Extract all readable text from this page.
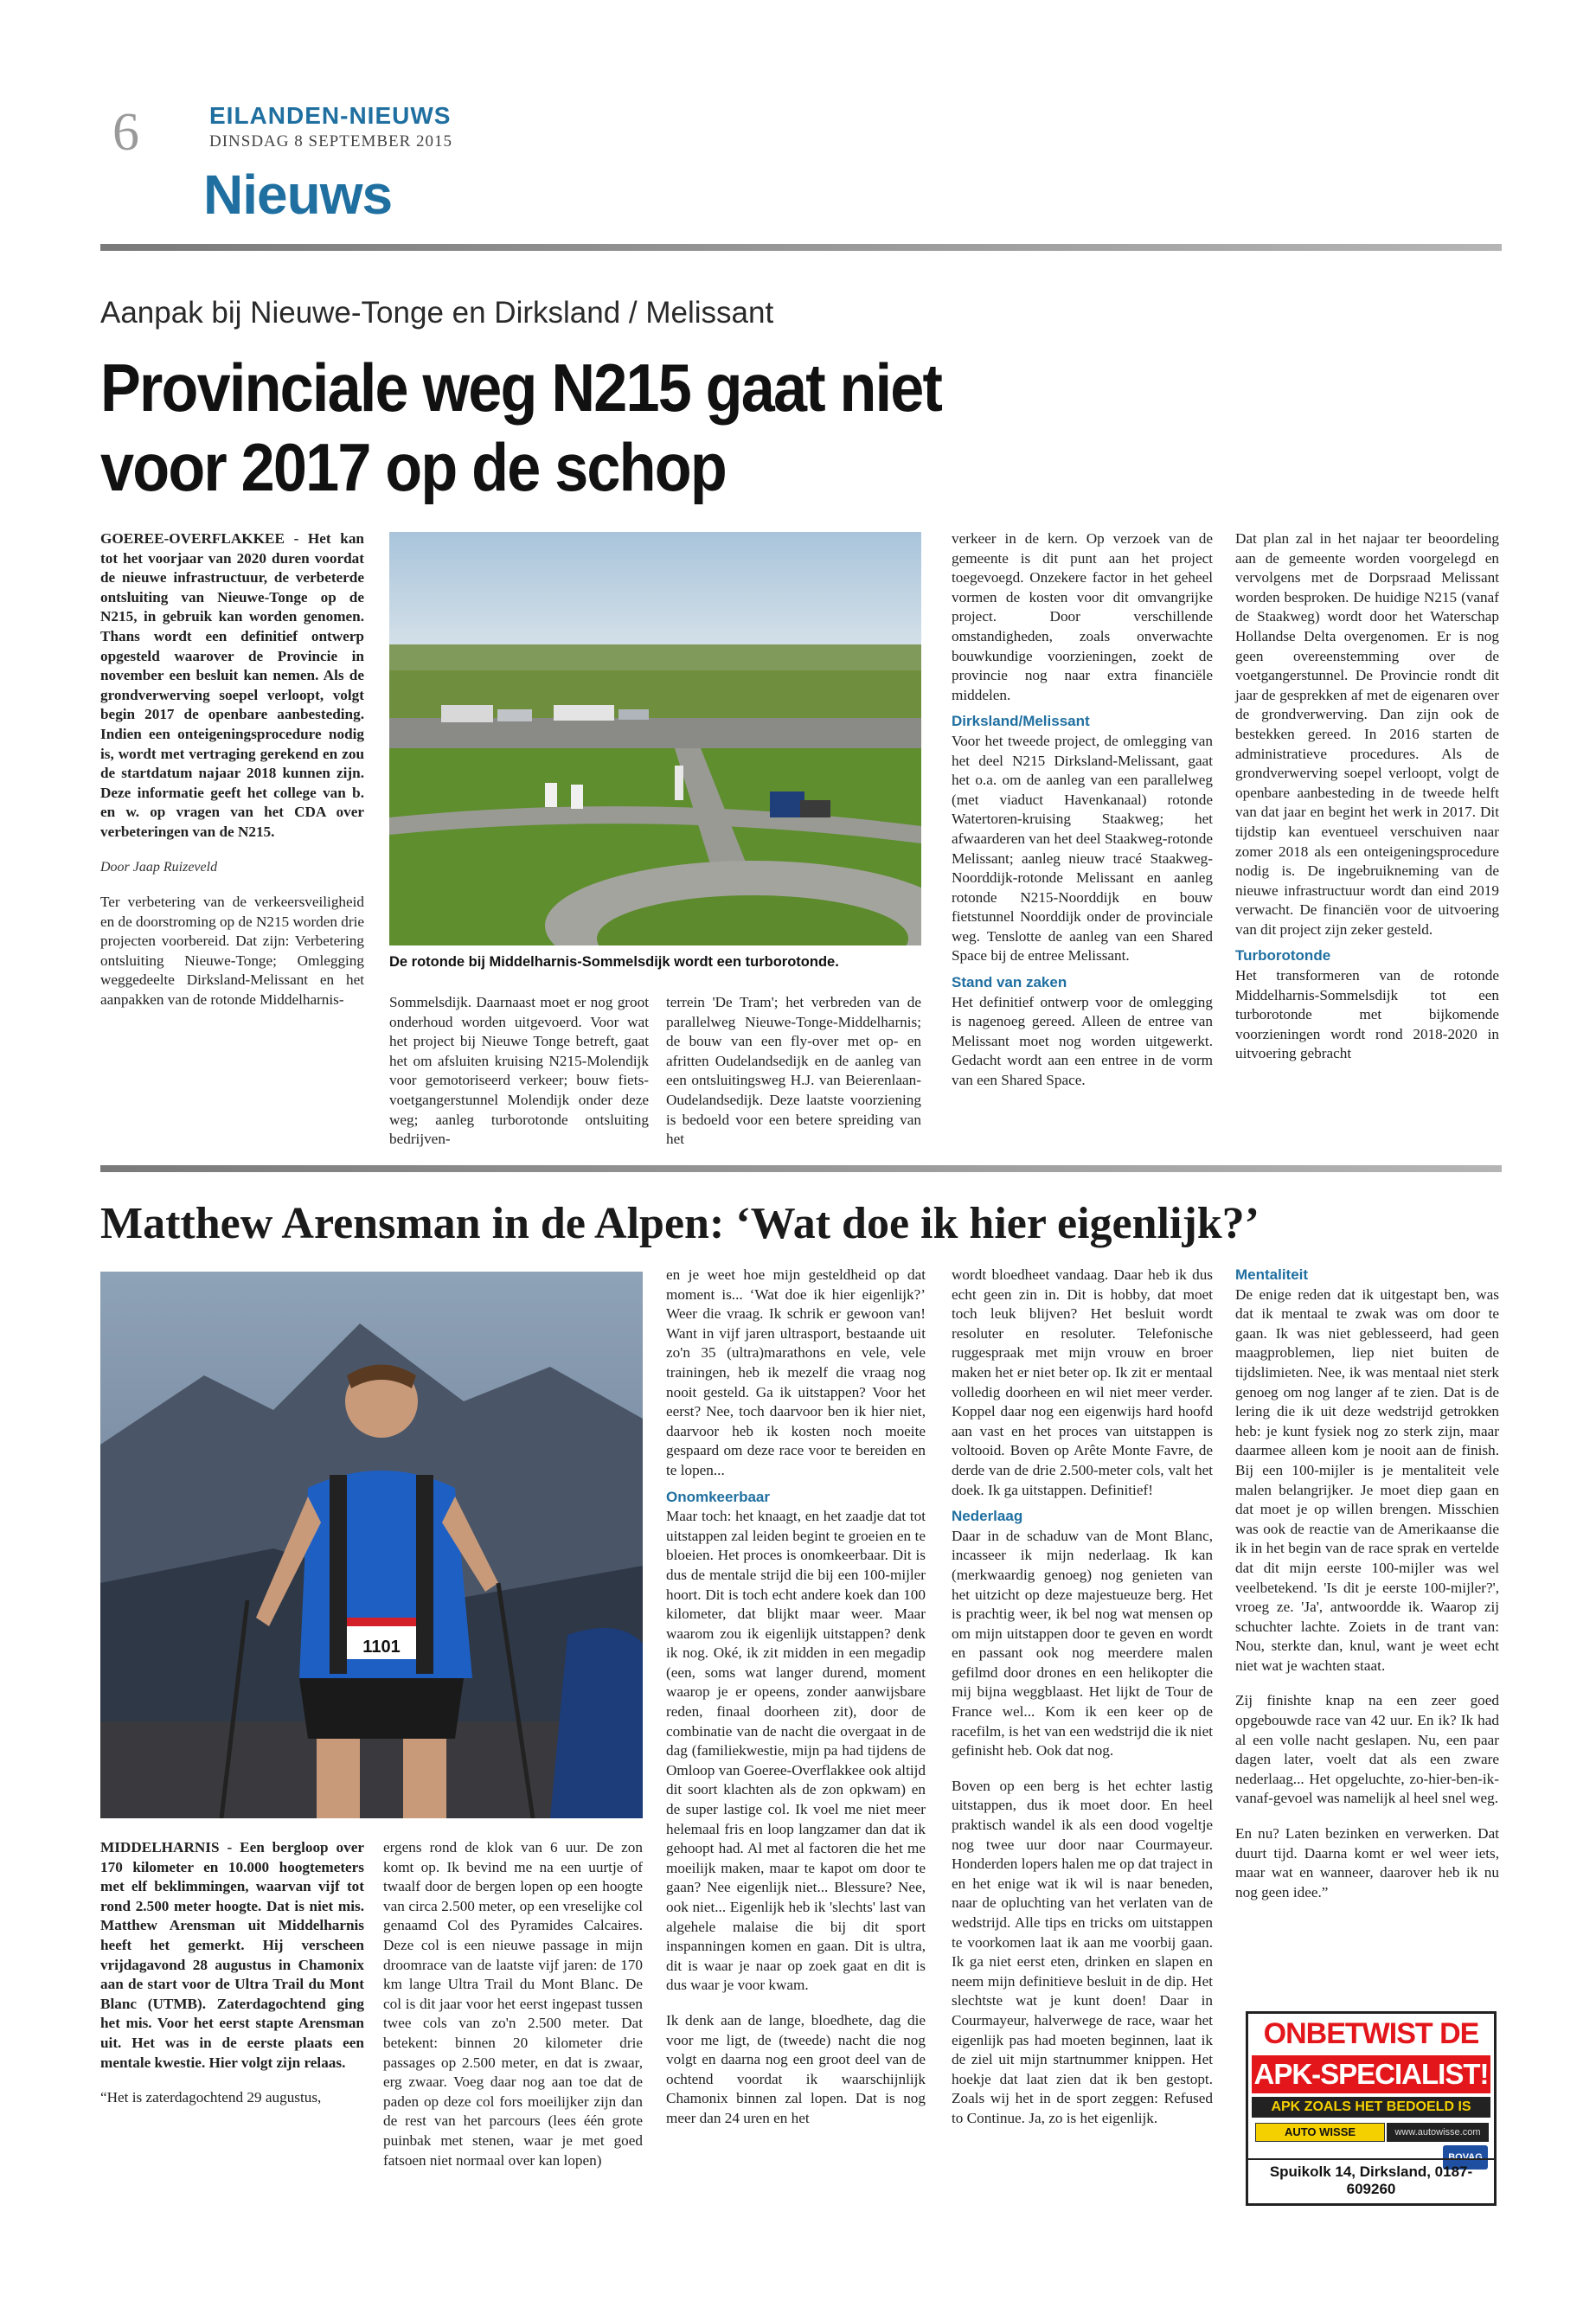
6	EILANDEN-NIEUWS
DINSDAG 8 SEPTEMBER 2015
Nieuws
Aanpak bij Nieuwe-Tonge en Dirksland / Melissant
Provinciale weg N215 gaat niet
voor 2017 op de schop

GOEREE-OVERFLAKKEE - Het kan tot het voorjaar van 2020 duren voordat de nieuwe infrastructuur, de verbeterde ontsluiting van Nieuwe-Tonge op de N215, in gebruik kan worden genomen. Thans wordt een definitief ontwerp opgesteld waarover de Provincie in november een besluit kan nemen. Als de grondverwerving soepel verloopt, volgt begin 2017 de openbare aanbesteding. Indien een onteigeningsprocedure nodig is, wordt met vertraging gerekend en zou de startdatum najaar 2018 kunnen zijn. Deze informatie geeft het college van b. en w. op vragen van het CDA over verbeteringen van de N215.

Door Jaap Ruizeveld

Ter verbetering van de verkeersveiligheid en de doorstroming op de N215 worden drie projecten voorbereid. Dat zijn: Verbetering ontsluiting Nieuwe-Tonge; Omlegging weggedeelte Dirksland-Melissant en het aanpakken van de rotonde Middelharnis-

De rotonde bij Middelharnis-Sommelsdijk wordt een turborotonde.
Sommelsdijk. Daarnaast moet er nog groot onderhoud worden uitgevoerd. Voor wat het project bij Nieuwe Tonge betreft, gaat het om afsluiten kruising N215-Molendijk voor gemotoriseerd verkeer; bouw fiets- voetgangerstunnel Molendijk onder deze weg; aanleg turborotonde ontsluiting bedrijven-
terrein 'De Tram'; het verbreden van de parallelweg Nieuwe-Tonge-Middelharnis; de bouw van een fly-over met op- en afritten Oudelandsedijk en de aanleg van een ontsluitingsweg H.J. van Beierenlaan-Oudelandsedijk. Deze laatste voorziening is bedoeld voor een betere spreiding van het

verkeer in de kern. Op verzoek van de gemeente is dit punt aan het project toegevoegd. Onzekere factor in het geheel vormen de kosten voor dit omvangrijke project. Door verschillende omstandigheden, zoals onverwachte bouwkundige voorzieningen, zoekt de provincie nog naar extra financiële middelen.

Dirksland/Melissant

Voor het tweede project, de omlegging van het deel N215 Dirksland-Melissant, gaat het o.a. om de aanleg van een parallelweg (met viaduct Havenkanaal) rotonde Watertoren-kruising Staakweg; het afwaarderen van het deel Staakweg-rotonde Melissant; aanleg nieuw tracé Staakweg-Noorddijk-rotonde Melissant en aanleg rotonde N215-Noorddijk en bouw fietstunnel Noorddijk onder de provinciale weg. Tenslotte de aanleg van een Shared Space bij de entree Melissant.

Stand van zaken

Het definitief ontwerp voor de omlegging is nagenoeg gereed. Alleen de entree van Melissant moet nog worden uitgewerkt. Gedacht wordt aan een entree in de vorm van een Shared Space.

Dat plan zal in het najaar ter beoordeling aan de gemeente worden voorgelegd en vervolgens met de Dorpsraad Melissant worden besproken. De huidige N215 (vanaf de Staakweg) wordt door het Waterschap Hollandse Delta overgenomen. Er is nog geen overeenstemming over de voetgangerstunnel. De Provincie rondt dit jaar de gesprekken af met de eigenaren over de grondverwerving. Dan zijn ook de bestekken gereed. In 2016 starten de administratieve procedures. Als de grondverwerving soepel verloopt, volgt de openbare aanbesteding in de tweede helft van dat jaar en begint het werk in 2017. Dit tijdstip kan eventueel verschuiven naar zomer 2018 als een onteigeningsprocedure nodig is. De ingebruikneming van de nieuwe infrastructuur wordt dan eind 2019 verwacht. De financiën voor de uitvoering van dit project zijn zeker gesteld.

Turborotonde

Het transformeren van de rotonde Middelharnis-Sommelsdijk tot een turborotonde met bijkomende voorzieningen wordt rond 2018-2020 in uitvoering gebracht

Matthew Arensman in de Alpen: ‘Wat doe ik hier eigenlijk?’
1101

MIDDELHARNIS - Een bergloop over 170 kilometer en 10.000 hoogtemeters met elf beklimmingen, waarvan vijf tot rond 2.500 meter hoogte. Dat is niet mis. Matthew Arensman uit Middelharnis heeft het gemerkt. Hij verscheen vrijdagavond 28 augustus in Chamonix aan de start voor de Ultra Trail du Mont Blanc (UTMB). Zaterdagochtend ging het mis. Voor het eerst stapte Arensman uit. Het was in de eerste plaats een mentale kwestie. Hier volgt zijn relaas.

“Het is zaterdagochtend 29 augustus,

ergens rond de klok van 6 uur. De zon komt op. Ik bevind me na een uurtje of twaalf door de bergen lopen op een hoogte van circa 2.500 meter, op een vreselijke col genaamd Col des Pyramides Calcaires. Deze col is een nieuwe passage in mijn droomrace van de laatste vijf jaren: de 170 km lange Ultra Trail du Mont Blanc. De col is dit jaar voor het eerst ingepast tussen twee cols van zo'n 2.500 meter. Dat betekent: binnen 20 kilometer drie passages op 2.500 meter, en dat is zwaar, erg zwaar. Voeg daar nog aan toe dat de paden op deze col fors moeilijker zijn dan de rest van het parcours (lees één grote puinbak met stenen, waar je met goed fatsoen niet normaal over kan lopen)

en je weet hoe mijn gesteldheid op dat moment is... ‘Wat doe ik hier eigenlijk?’ Weer die vraag. Ik schrik er gewoon van! Want in vijf jaren ultrasport, bestaande uit zo'n 35 (ultra)marathons en vele, vele trainingen, heb ik mezelf die vraag nog nooit gesteld. Ga ik uitstappen? Voor het eerst? Nee, toch daarvoor ben ik hier niet, daarvoor heb ik kosten noch moeite gespaard om deze race voor te bereiden en te lopen...

Onomkeerbaar

Maar toch: het knaagt, en het zaadje dat tot uitstappen zal leiden begint te groeien en te bloeien. Het proces is onomkeerbaar. Dit is dus de mentale strijd die bij een 100-mijler hoort. Dit is toch echt andere koek dan 100 kilometer, dat blijkt maar weer. Maar waarom zou ik eigenlijk uitstappen? denk ik nog. Oké, ik zit midden in een megadip (een, soms wat langer durend, moment waarop je er opeens, zonder aanwijsbare reden, finaal doorheen zit), door de combinatie van de nacht die overgaat in de dag (familiekwestie, mijn pa had tijdens de Omloop van Goeree-Overflakkee ook altijd dit soort klachten als de zon opkwam) en de super lastige col. Ik voel me niet meer helemaal fris en loop langzamer dan dat ik gehoopt had. Al met al factoren die het me moeilijk maken, maar te kapot om door te gaan? Nee eigenlijk niet... Blessure? Nee, ook niet... Eigenlijk heb ik 'slechts' last van algehele malaise die bij dit sport inspanningen komen en gaan. Dit is ultra, dit is waar je naar op zoek gaat en dit is dus waar je voor kwam.

Ik denk aan de lange, bloedhete, dag die voor me ligt, de (tweede) nacht die nog volgt en daarna nog een groot deel van de ochtend voordat ik waarschijnlijk Chamonix binnen zal lopen. Dat is nog meer dan 24 uren en het

wordt bloedheet vandaag. Daar heb ik dus echt geen zin in. Dit is hobby, dat moet toch leuk blijven? Het besluit wordt resoluter en resoluter. Telefonische ruggespraak met mijn vrouw en broer maken het er niet beter op. Ik zit er mentaal volledig doorheen en wil niet meer verder. Koppel daar nog een eigenwijs hard hoofd aan vast en het proces van uitstappen is voltooid. Boven op Arête Monte Favre, de derde van de drie 2.500-meter cols, valt het doek. Ik ga uitstappen. Definitief!

Nederlaag

Daar in de schaduw van de Mont Blanc, incasseer ik mijn nederlaag. Ik kan (merkwaardig genoeg) nog genieten van het uitzicht op deze majestueuze berg. Het is prachtig weer, ik bel nog wat mensen op om mijn uitstappen door te geven en wordt en passant ook nog meerdere malen gefilmd door drones en een helikopter die mij bijna weggblaast. Het lijkt de Tour de France wel... Kom ik een keer op de racefilm, is het van een wedstrijd die ik niet gefinisht heb. Ook dat nog.

Boven op een berg is het echter lastig uitstappen, dus ik moet door. En heel praktisch wandel ik als een dood vogeltje nog twee uur door naar Courmayeur. Honderden lopers halen me op dat traject in en het enige wat ik wil is naar beneden, naar de opluchting van het verlaten van de wedstrijd. Alle tips en tricks om uitstappen te voorkomen laat ik aan me voorbij gaan. Ik ga niet eerst eten, drinken en slapen en neem mijn definitieve besluit in de dip. Het slechtste wat je kunt doen! Daar in Courmayeur, halverwege de race, waar het eigenlijk pas had moeten beginnen, laat ik de ziel uit mijn startnummer knippen. Het hoekje dat laat zien dat ik ben gestopt. Zoals wij het in de sport zeggen: Refused to Continue. Ja, zo is het eigenlijk.

Mentaliteit

De enige reden dat ik uitgestapt ben, was dat ik mentaal te zwak was om door te gaan. Ik was niet geblesseerd, had geen maagproblemen, liep niet buiten de tijdslimieten. Nee, ik was mentaal niet sterk genoeg om nog langer af te zien. Dat is de lering die ik uit deze wedstrijd getrokken heb: je kunt fysiek nog zo sterk zijn, maar daarmee alleen kom je nooit aan de finish. Bij een 100-mijler is je mentaliteit vele malen belangrijker. Je moet diep gaan en dat moet je op willen brengen. Misschien was ook de reactie van de Amerikaanse die ik in het begin van de race sprak en vertelde dat dit mijn eerste 100-mijler was wel veelbetekend. 'Is dit je eerste 100-mijler?', vroeg ze. 'Ja', antwoordde ik. Waarop zij schuchter lachte. Zoiets in de trant van: Nou, sterkte dan, knul, want je weet echt niet wat je wachten staat.

Zij finishte knap na een zeer goed opgebouwde race van 42 uur. En ik? Ik had al een volle nacht geslapen. Nu, een paar dagen later, voelt dat als een zware nederlaag... Het opgeluchte, zo-hier-ben-ik-vanaf-gevoel was namelijk al heel snel weg.

En nu? Laten bezinken en verwerken. Dat duurt tijd. Daarna komt er wel weer iets, maar wat en wanneer, daarover heb ik nu nog geen idee.”

ONBETWIST DE
APK-SPECIALIST!
APK ZOALS HET BEDOELD IS
AUTO WISSE	www.autowisse.com
BOVAG
Spuikolk 14, Dirksland, 0187-609260
